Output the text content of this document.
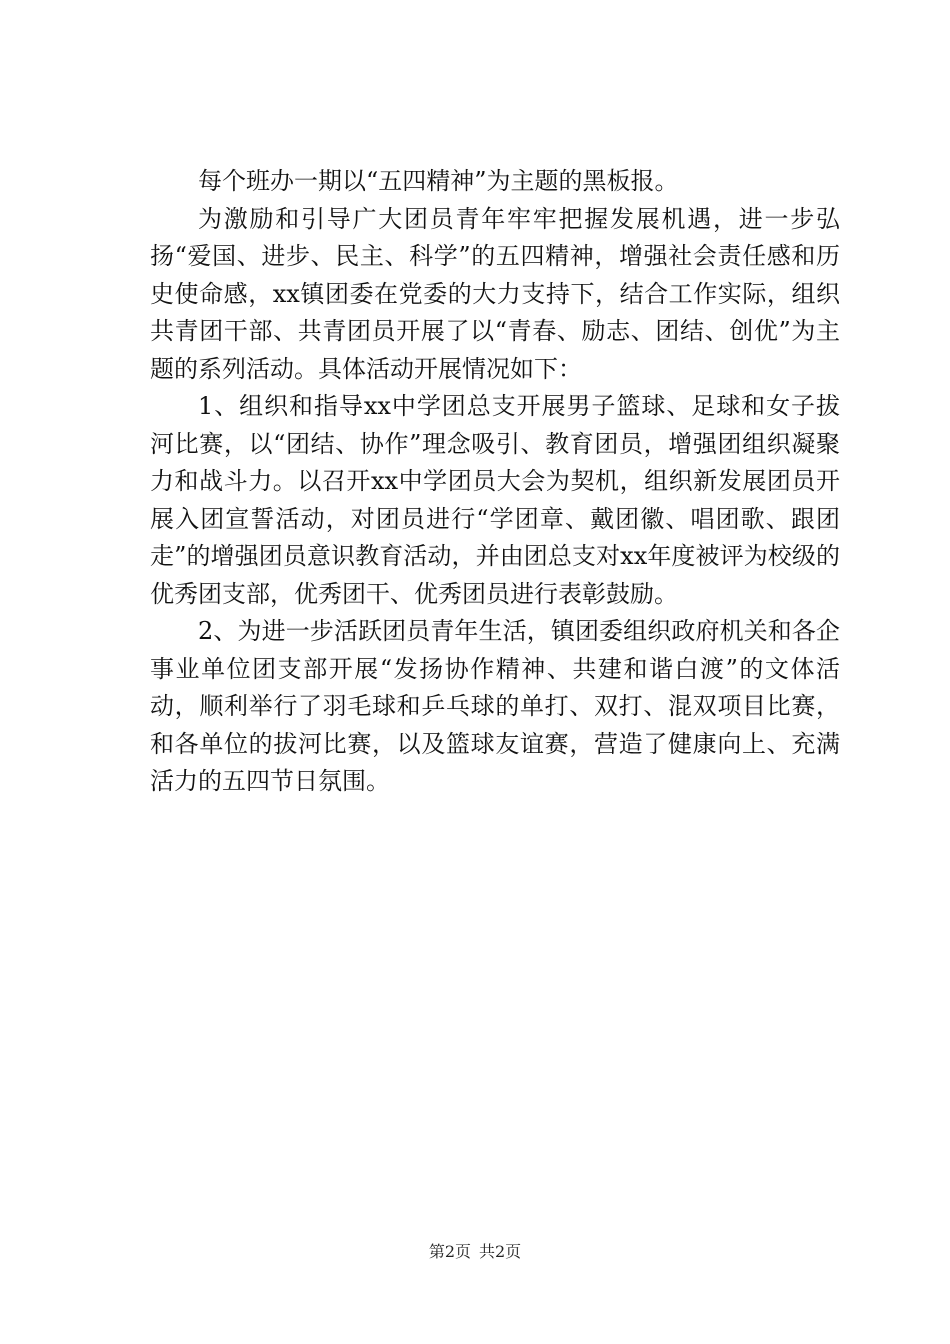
每个班办一期以“五四精神”为主题的黑板报。

为激励和引导广大团员青年牢牢把握发展机遇，进一步弘扬“爱国、进步、民主、科学”的五四精神，增强社会责任感和历史使命感，xx镇团委在党委的大力支持下，结合工作实际，组织共青团干部、共青团员开展了以“青春、励志、团结、创优”为主题的系列活动。具体活动开展情况如下：

1、组织和指导xx中学团总支开展男子篮球、足球和女子拔河比赛，以“团结、协作”理念吸引、教育团员，增强团组织凝聚力和战斗力。以召开xx中学团员大会为契机，组织新发展团员开展入团宣誓活动，对团员进行“学团章、戴团徽、唱团歌、跟团走”的增强团员意识教育活动，并由团总支对xx年度被评为校级的优秀团支部，优秀团干、优秀团员进行表彰鼓励。

2、为进一步活跃团员青年生活，镇团委组织政府机关和各企事业单位团支部开展“发扬协作精神、共建和谐白渡”的文体活动，顺利举行了羽毛球和乒乓球的单打、双打、混双项目比赛，和各单位的拔河比赛，以及篮球友谊赛，营造了健康向上、充满活力的五四节日氛围。

第2页 共2页
